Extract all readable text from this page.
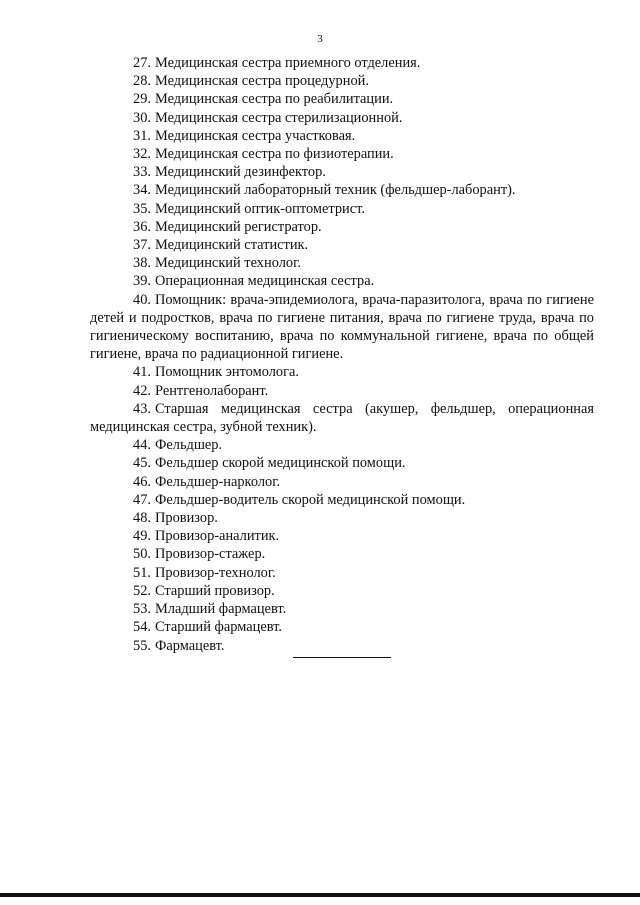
3

27. Медицинская сестра приемного отделения.

28. Медицинская сестра процедурной.

29. Медицинская сестра по реабилитации.

30. Медицинская сестра стерилизационной.

31. Медицинская сестра участковая.

32. Медицинская сестра по физиотерапии.

33. Медицинский дезинфектор.

34. Медицинский лабораторный техник (фельдшер-лаборант).

35. Медицинский оптик-оптометрист.

36. Медицинский регистратор.

37. Медицинский статистик.

38. Медицинский технолог.

39. Операционная медицинская сестра.

40. Помощник: врача-эпидемиолога, врача-паразитолога, врача по гигиене детей и подростков, врача по гигиене питания, врача по гигиене труда, врача по гигиеническому воспитанию, врача по коммунальной гигиене, врача по общей гигиене, врача по радиационной гигиене.

41. Помощник энтомолога.

42. Рентгенолаборант.

43. Старшая медицинская сестра (акушер, фельдшер, операционная медицинская сестра, зубной техник).

44. Фельдшер.

45. Фельдшер скорой медицинской помощи.

46. Фельдшер-нарколог.

47. Фельдшер-водитель скорой медицинской помощи.

48. Провизор.

49. Провизор-аналитик.

50. Провизор-стажер.

51. Провизор-технолог.

52. Старший провизор.

53. Младший фармацевт.

54. Старший фармацевт.

55. Фармацевт.
